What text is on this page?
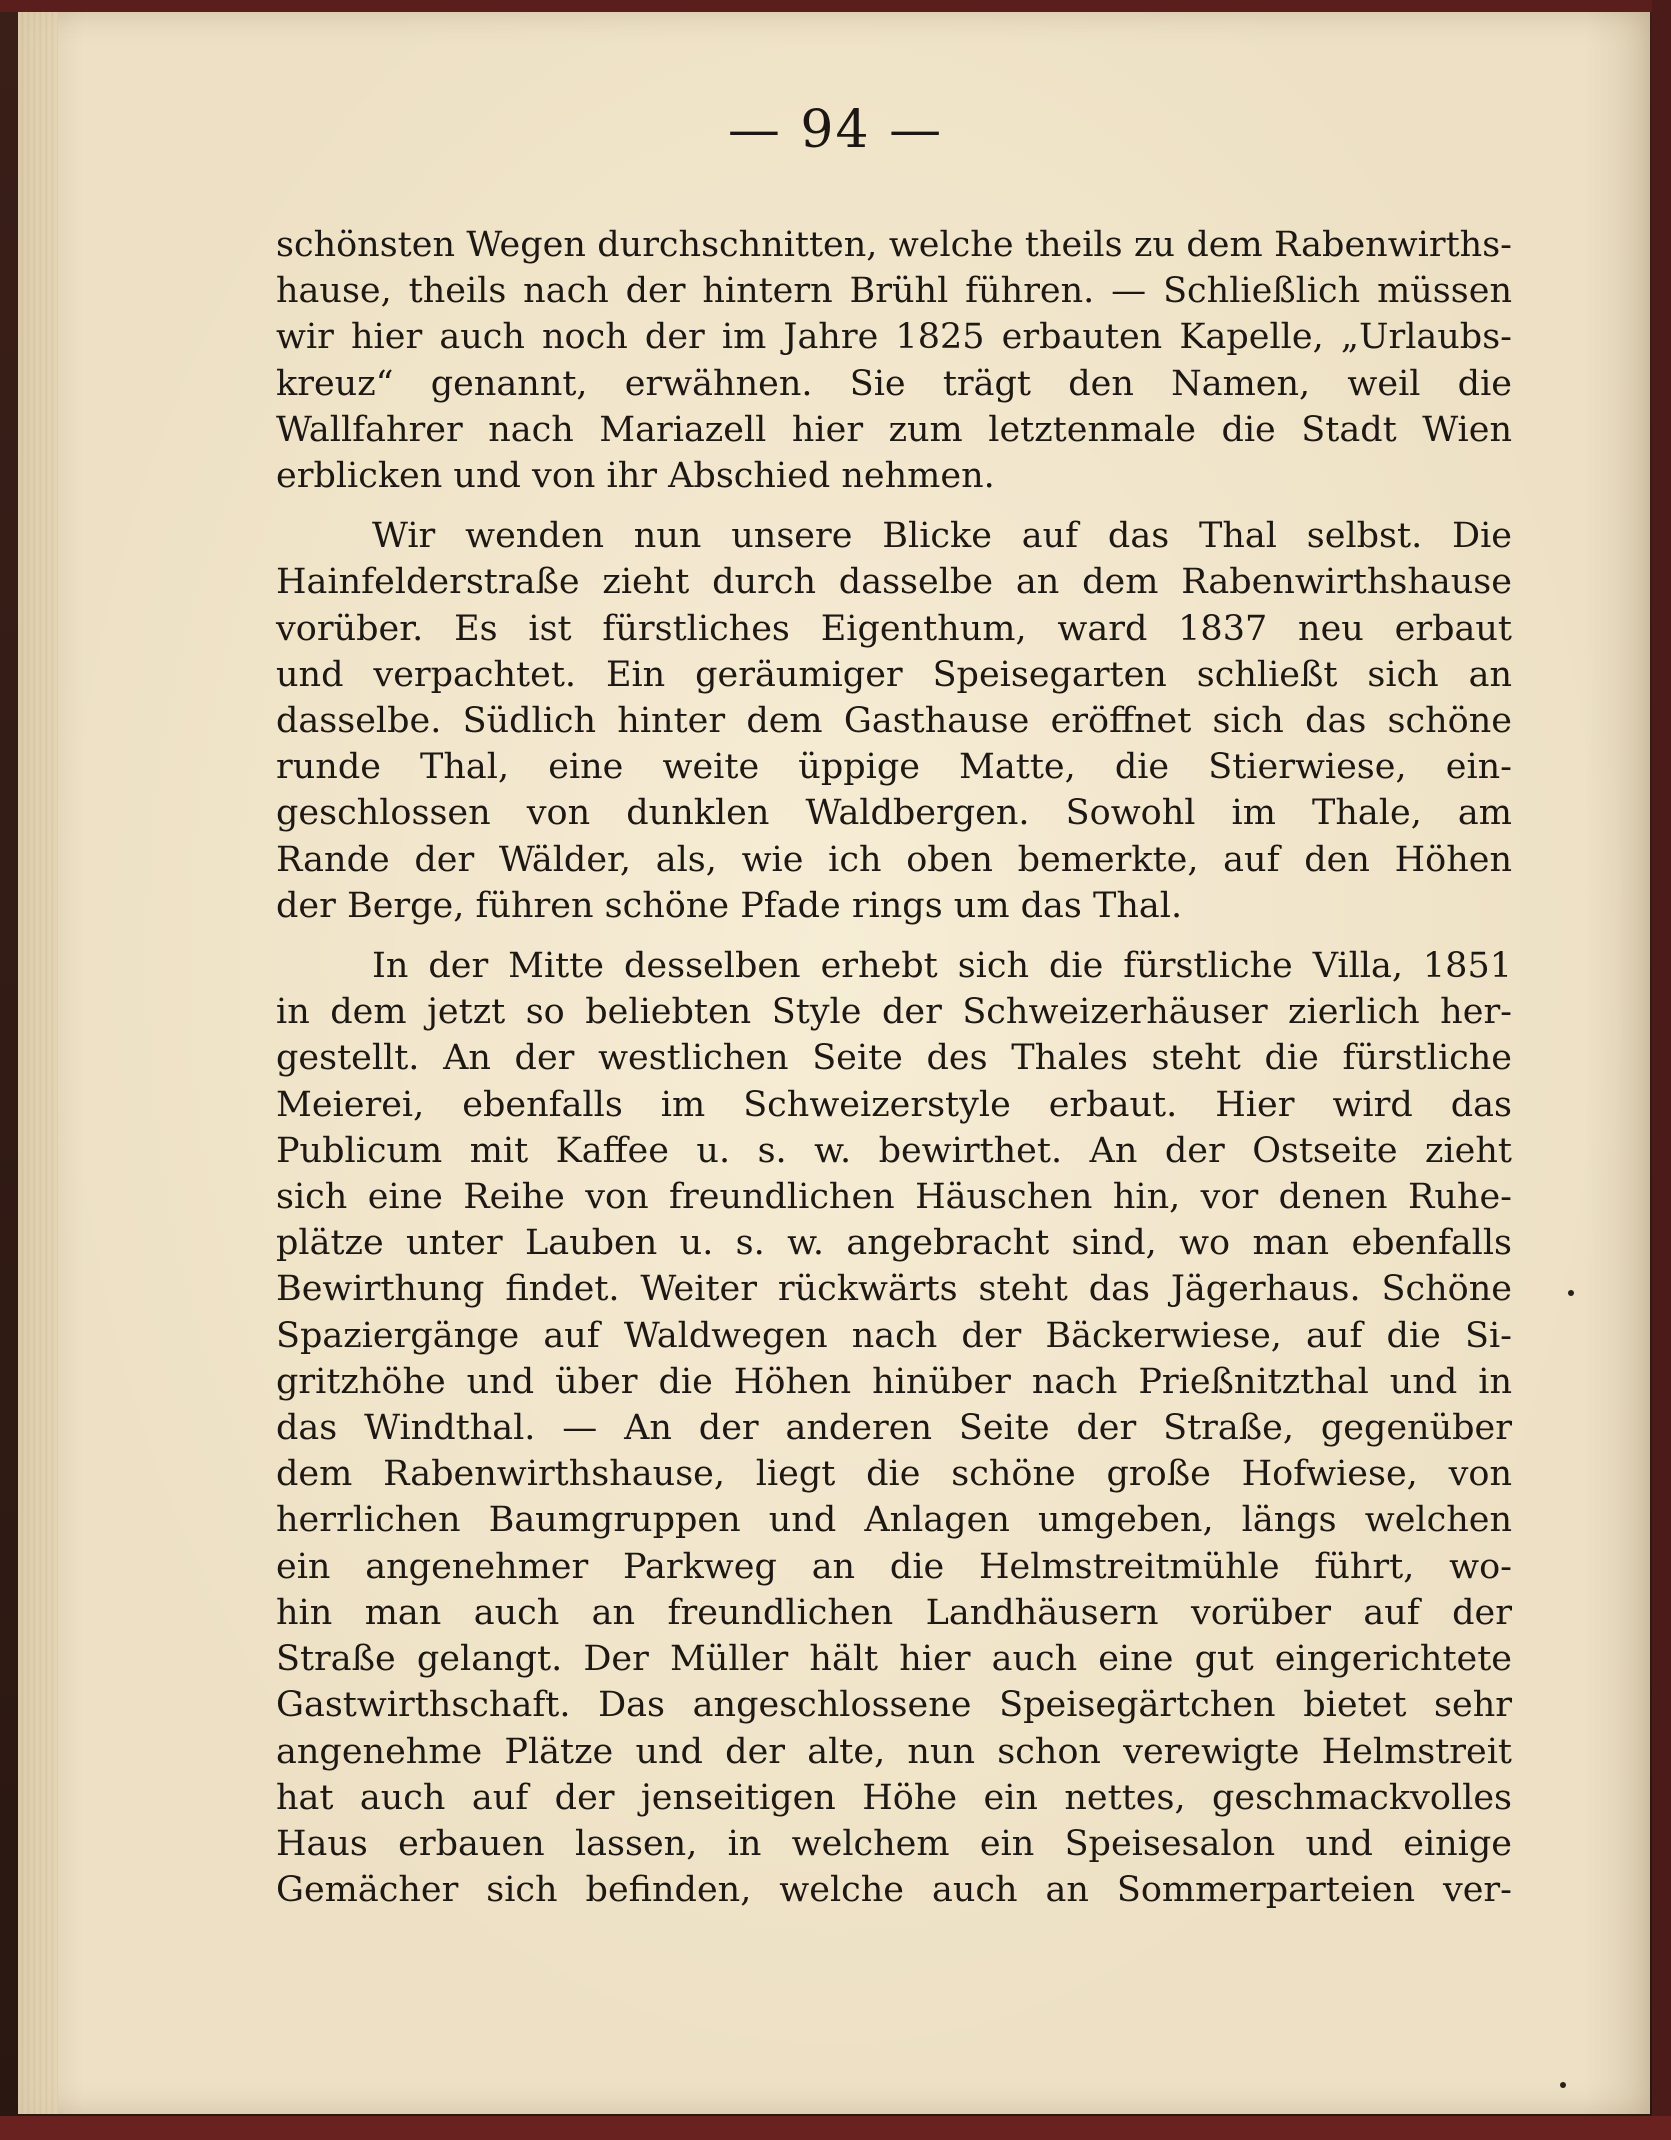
— 94 —

schönsten Wegen durchschnitten, welche theils zu dem Rabenwirths-
hause, theils nach der hintern Brühl führen. — Schließlich müssen
wir hier auch noch der im Jahre 1825 erbauten Kapelle, „Urlaubs-
kreuz“ genannt, erwähnen. Sie trägt den Namen, weil die
Wallfahrer nach Mariazell hier zum letztenmale die Stadt Wien
erblicken und von ihr Abschied nehmen.

Wir wenden nun unsere Blicke auf das Thal selbst. Die
Hainfelderstraße zieht durch dasselbe an dem Rabenwirthshause
vorüber. Es ist fürstliches Eigenthum, ward 1837 neu erbaut
und verpachtet. Ein geräumiger Speisegarten schließt sich an
dasselbe. Südlich hinter dem Gasthause eröffnet sich das schöne
runde Thal, eine weite üppige Matte, die Stierwiese, ein-
geschlossen von dunklen Waldbergen. Sowohl im Thale, am
Rande der Wälder, als, wie ich oben bemerkte, auf den Höhen
der Berge, führen schöne Pfade rings um das Thal.

In der Mitte desselben erhebt sich die fürstliche Villa, 1851
in dem jetzt so beliebten Style der Schweizerhäuser zierlich her-
gestellt. An der westlichen Seite des Thales steht die fürstliche
Meierei, ebenfalls im Schweizerstyle erbaut. Hier wird das
Publicum mit Kaffee u. s. w. bewirthet. An der Ostseite zieht
sich eine Reihe von freundlichen Häuschen hin, vor denen Ruhe-
plätze unter Lauben u. s. w. angebracht sind, wo man ebenfalls
Bewirthung findet. Weiter rückwärts steht das Jägerhaus. Schöne
Spaziergänge auf Waldwegen nach der Bäckerwiese, auf die Si-
gritzhöhe und über die Höhen hinüber nach Prießnitzthal und in
das Windthal. — An der anderen Seite der Straße, gegenüber
dem Rabenwirthshause, liegt die schöne große Hofwiese, von
herrlichen Baumgruppen und Anlagen umgeben, längs welchen
ein angenehmer Parkweg an die Helmstreitmühle führt, wo-
hin man auch an freundlichen Landhäusern vorüber auf der
Straße gelangt. Der Müller hält hier auch eine gut eingerichtete
Gastwirthschaft. Das angeschlossene Speisegärtchen bietet sehr
angenehme Plätze und der alte, nun schon verewigte Helmstreit
hat auch auf der jenseitigen Höhe ein nettes, geschmackvolles
Haus erbauen lassen, in welchem ein Speisesalon und einige
Gemächer sich befinden, welche auch an Sommerparteien ver-
